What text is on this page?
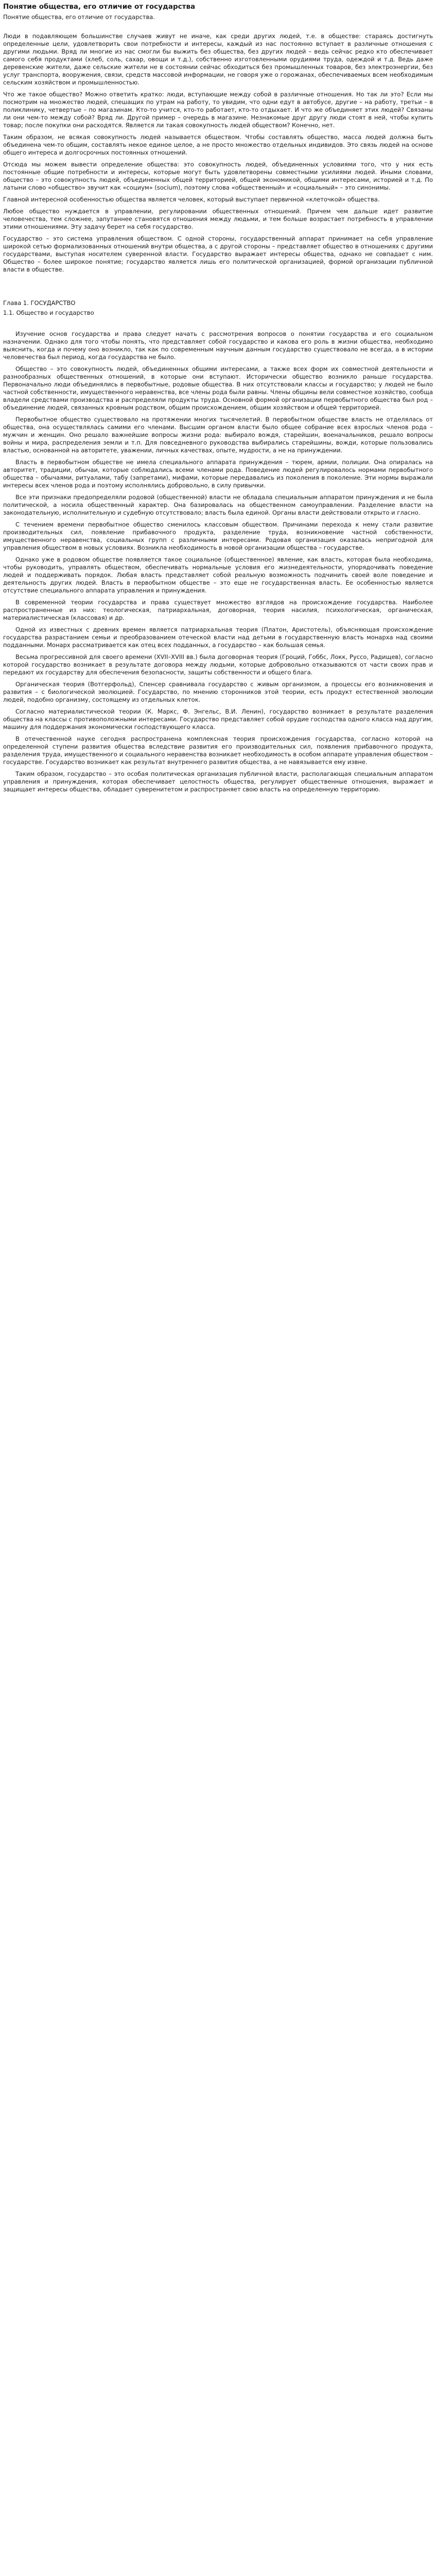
Понятие общества, его отличие от государства
Понятие общества, его отличие от государства.

Люди в подавляющем большинстве случаев живут не иначе, как среди других людей, т.е. в обществе: стараясь достигнуть определенные цели, удовлетворить свои потребности и интересы, каждый из нас постоянно вступает в различные отношения с другими людьми. Вряд ли многие из нас смогли бы выжить без общества, без других людей – ведь сейчас редко кто обеспечивает самого себя продуктами (хлеб, соль, сахар, овощи и т.д.), собственно изготовленными орудиями труда, одеждой и т.д. Ведь даже деревенские жители, даже сельские жители не в состоянии сейчас обходиться без промышленных товаров, без электроэнергии, без услуг транспорта, вооружения, связи, средств массовой информации, не говоря уже о горожанах, обеспечиваемых всем необходимым сельским хозяйством и промышленностью.

Что же такое общество? Можно ответить кратко: люди, вступающие между собой в различные отношения. Но так ли это? Если мы посмотрим на множество людей, спешащих по утрам на работу, то увидим, что одни едут в автобусе, другие – на работу, третьи – в поликлинику, четвертые – по магазинам. Кто-то учится, кто-то работает, кто-то отдыхает. И что же объединяет этих людей? Связаны ли они чем-то между собой? Вряд ли. Другой пример – очередь в магазине. Незнакомые друг другу люди стоят в ней, чтобы купить товар; после покупки они расходятся. Является ли такая совокупность людей обществом? Конечно, нет.

Таким образом, не всякая совокупность людей называется обществом. Чтобы составлять общество, масса людей должна быть объединена чем-то общим, составлять некое единое целое, а не просто множество отдельных индивидов. Это связь людей на основе общего интереса и долгосрочных постоянных отношений.

Отсюда мы можем вывести определение общества: это совокупность людей, объединенных условиями того, что у них есть постоянные общие потребности и интересы, которые могут быть удовлетворены совместными усилиями людей. Иными словами, общество – это совокупность людей, объединенных общей территорией, общей экономикой, общими интересами, историей и т.д. По латыни слово «общество» звучит как «социум» (socium), поэтому слова «общественный» и «социальный» – это синонимы.

Главной интересной особенностью общества является человек, который выступает первичной «клеточкой» общества.

Любое общество нуждается в управлении, регулировании общественных отношений. Причем чем дальше идет развитие человечества, тем сложнее, запутаннее становятся отношения между людьми, и тем больше возрастает потребность в управлении этими отношениями. Эту задачу берет на себя государство.

Государство – это система управления обществом. С одной стороны, государственный аппарат принимает на себя управление широкой сетью формализованных отношений внутри общества, а с другой стороны – представляет общество в отношениях с другими государствами, выступая носителем суверенной власти. Государство выражает интересы общества, однако не совпадает с ним. Общество – более широкое понятие; государство является лишь его политической организацией, формой организации публичной власти в обществе.

Глава 1. ГОСУДАРСТВО
1.1. Общество и государство

Изучение основ государства и права следует начать с рассмотрения вопросов о понятии государства и его социальном назначении. Однако для того чтобы понять, что представляет собой государство и какова его роль в жизни общества, необходимо выяснить, когда и почему оно возникло, так как по современным научным данным государство существовало не всегда, а в истории человечества был период, когда государства не было.

Общество – это совокупность людей, объединенных общими интересами, а также всех форм их совместной деятельности и разнообразных общественных отношений, в которые они вступают. Исторически общество возникло раньше государства. Первоначально люди объединялись в первобытные, родовые общества. В них отсутствовали классы и государство; у людей не было частной собственности, имущественного неравенства, все члены рода были равны. Члены общины вели совместное хозяйство, сообща владели средствами производства и распределяли продукты труда. Основной формой организации первобытного общества был род – объединение людей, связанных кровным родством, общим происхождением, общим хозяйством и общей территорией.

Первобытное общество существовало на протяжении многих тысячелетий. В первобытном обществе власть не отделялась от общества, она осуществлялась самими его членами. Высшим органом власти было общее собрание всех взрослых членов рода – мужчин и женщин. Оно решало важнейшие вопросы жизни рода: выбирало вождя, старейшин, военачальников, решало вопросы войны и мира, распределения земли и т.п. Для повседневного руководства выбирались старейшины, вожди, которые пользовались властью, основанной на авторитете, уважении, личных качествах, опыте, мудрости, а не на принуждении.

Власть в первобытном обществе не имела специального аппарата принуждения – тюрем, армии, полиции. Она опиралась на авторитет, традиции, обычаи, которые соблюдались всеми членами рода. Поведение людей регулировалось нормами первобытного общества – обычаями, ритуалами, табу (запретами), мифами, которые передавались из поколения в поколение. Эти нормы выражали интересы всех членов рода и поэтому исполнялись добровольно, в силу привычки.

Все эти признаки предопределяли родовой (общественной) власти не обладала специальным аппаратом принуждения и не была политической, а носила общественный характер. Она базировалась на общественном самоуправлении. Разделение власти на законодательную, исполнительную и судебную отсутствовало; власть была единой. Органы власти действовали открыто и гласно.

С течением времени первобытное общество сменилось классовым обществом. Причинами перехода к нему стали развитие производительных сил, появление прибавочного продукта, разделение труда, возникновение частной собственности, имущественного неравенства, социальных групп с различными интересами. Родовая организация оказалась непригодной для управления обществом в новых условиях. Возникла необходимость в новой организации общества – государстве.

Однако уже в родовом обществе появляется такое социальное (общественное) явление, как власть, которая была необходима, чтобы руководить, управлять обществом, обеспечивать нормальные условия его жизнедеятельности, упорядочивать поведение людей и поддерживать порядок. Любая власть представляет собой реальную возможность подчинить своей воле поведение и деятельность других людей. Власть в первобытном обществе – это еще не государственная власть. Ее особенностью является отсутствие специального аппарата управления и принуждения.

В современной теории государства и права существует множество взглядов на происхождение государства. Наиболее распространенные из них: теологическая, патриархальная, договорная, теория насилия, психологическая, органическая, материалистическая (классовая) и др.

Одной из известных с древних времен является патриархальная теория (Платон, Аристотель), объясняющая происхождение государства разрастанием семьи и преобразованием отеческой власти над детьми в государственную власть монарха над своими подданными. Монарх рассматривается как отец всех подданных, а государство – как большая семья.

Весьма прогрессивной для своего времени (XVII–XVIII вв.) была договорная теория (Гроций, Гоббс, Локк, Руссо, Радищев), согласно которой государство возникает в результате договора между людьми, которые добровольно отказываются от части своих прав и передают их государству для обеспечения безопасности, защиты собственности и общего блага.

Органическая теория (Вотгерфольд), Спенсер сравнивала государство с живым организмом, а процессы его возникновения и развития – с биологической эволюцией. Государство, по мнению сторонников этой теории, есть продукт естественной эволюции людей, подобно организму, состоящему из отдельных клеток.

Согласно материалистической теории (К. Маркс, Ф. Энгельс, В.И. Ленин), государство возникает в результате разделения общества на классы с противоположными интересами. Государство представляет собой орудие господства одного класса над другим, машину для поддержания экономически господствующего класса.

В отечественной науке сегодня распространена комплексная теория происхождения государства, согласно которой на определенной ступени развития общества вследствие развития его производительных сил, появления прибавочного продукта, разделения труда, имущественного и социального неравенства возникает необходимость в особом аппарате управления обществом – государстве. Государство возникает как результат внутреннего развития общества, а не навязывается ему извне.

Таким образом, государство – это особая политическая организация публичной власти, располагающая специальным аппаратом управления и принуждения, которая обеспечивает целостность общества, регулирует общественные отношения, выражает и защищает интересы общества, обладает суверенитетом и распространяет свою власть на определенную территорию.
